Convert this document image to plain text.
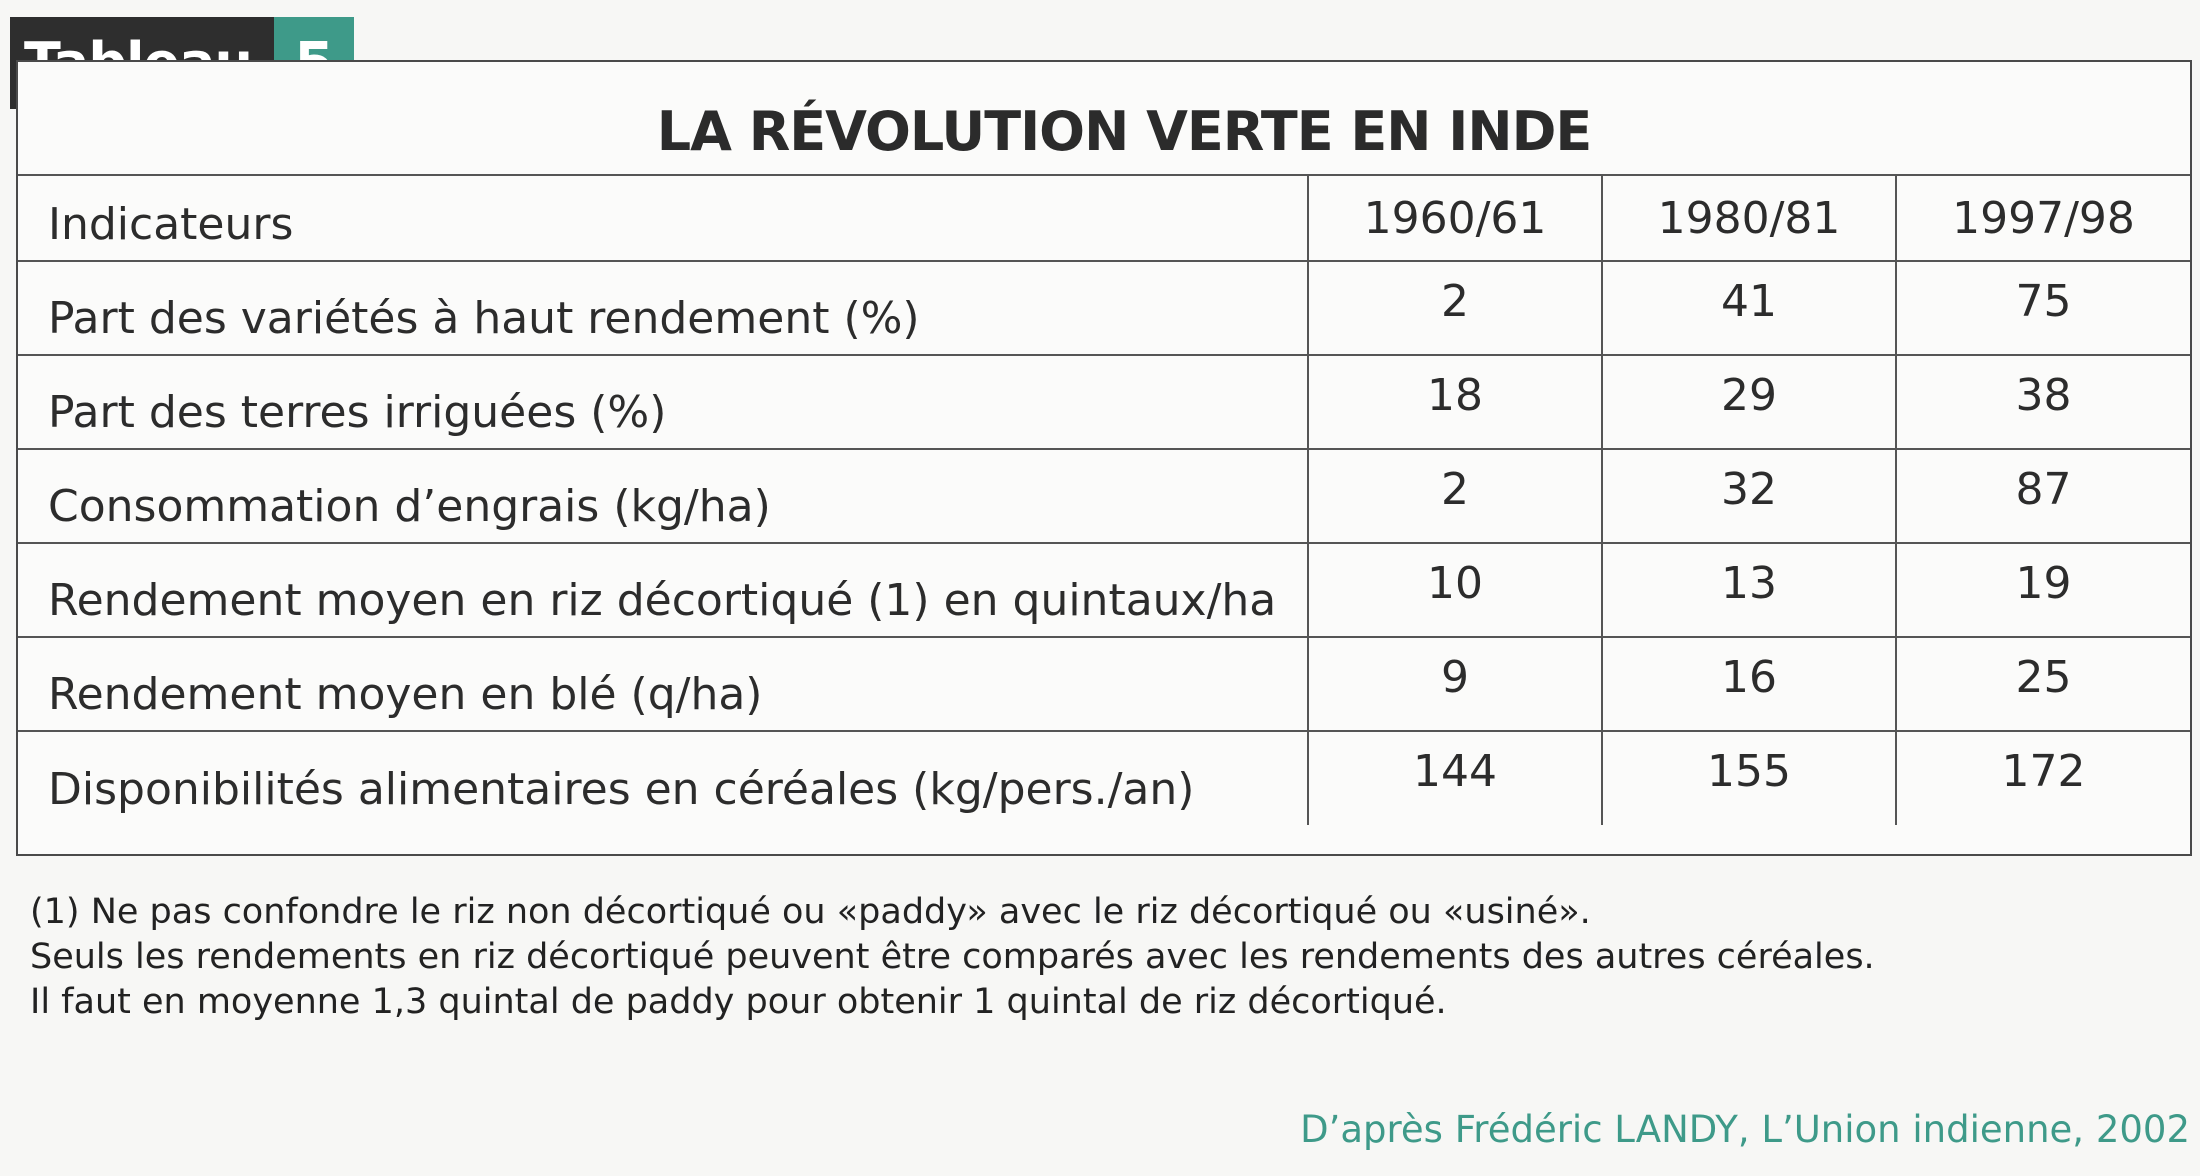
LA RÉVOLUTION VERTE EN INDE
Indicateurs	1960/61	1980/81	1997/98
Part des variétés à haut rendement (%)	2	41	75
Part des terres irriguées (%)	18	29	38
Consommation d’engrais (kg/ha)	2	32	87
Rendement moyen en riz décortiqué (1) en quintaux/ha	10	13	19
Rendement moyen en blé (q/ha)	9	16	25
Disponibilités alimentaires en céréales (kg/pers./an)	144	155	172

(1) Ne pas confondre le riz non décortiqué ou «paddy» avec le riz décortiqué ou «usiné».

Seuls les rendements en riz décortiqué peuvent être comparés avec les rendements des autres céréales.

Il faut en moyenne 1,3 quintal de paddy pour obtenir 1 quintal de riz décortiqué.

D’après Frédéric LANDY, L’Union indienne, 2002
